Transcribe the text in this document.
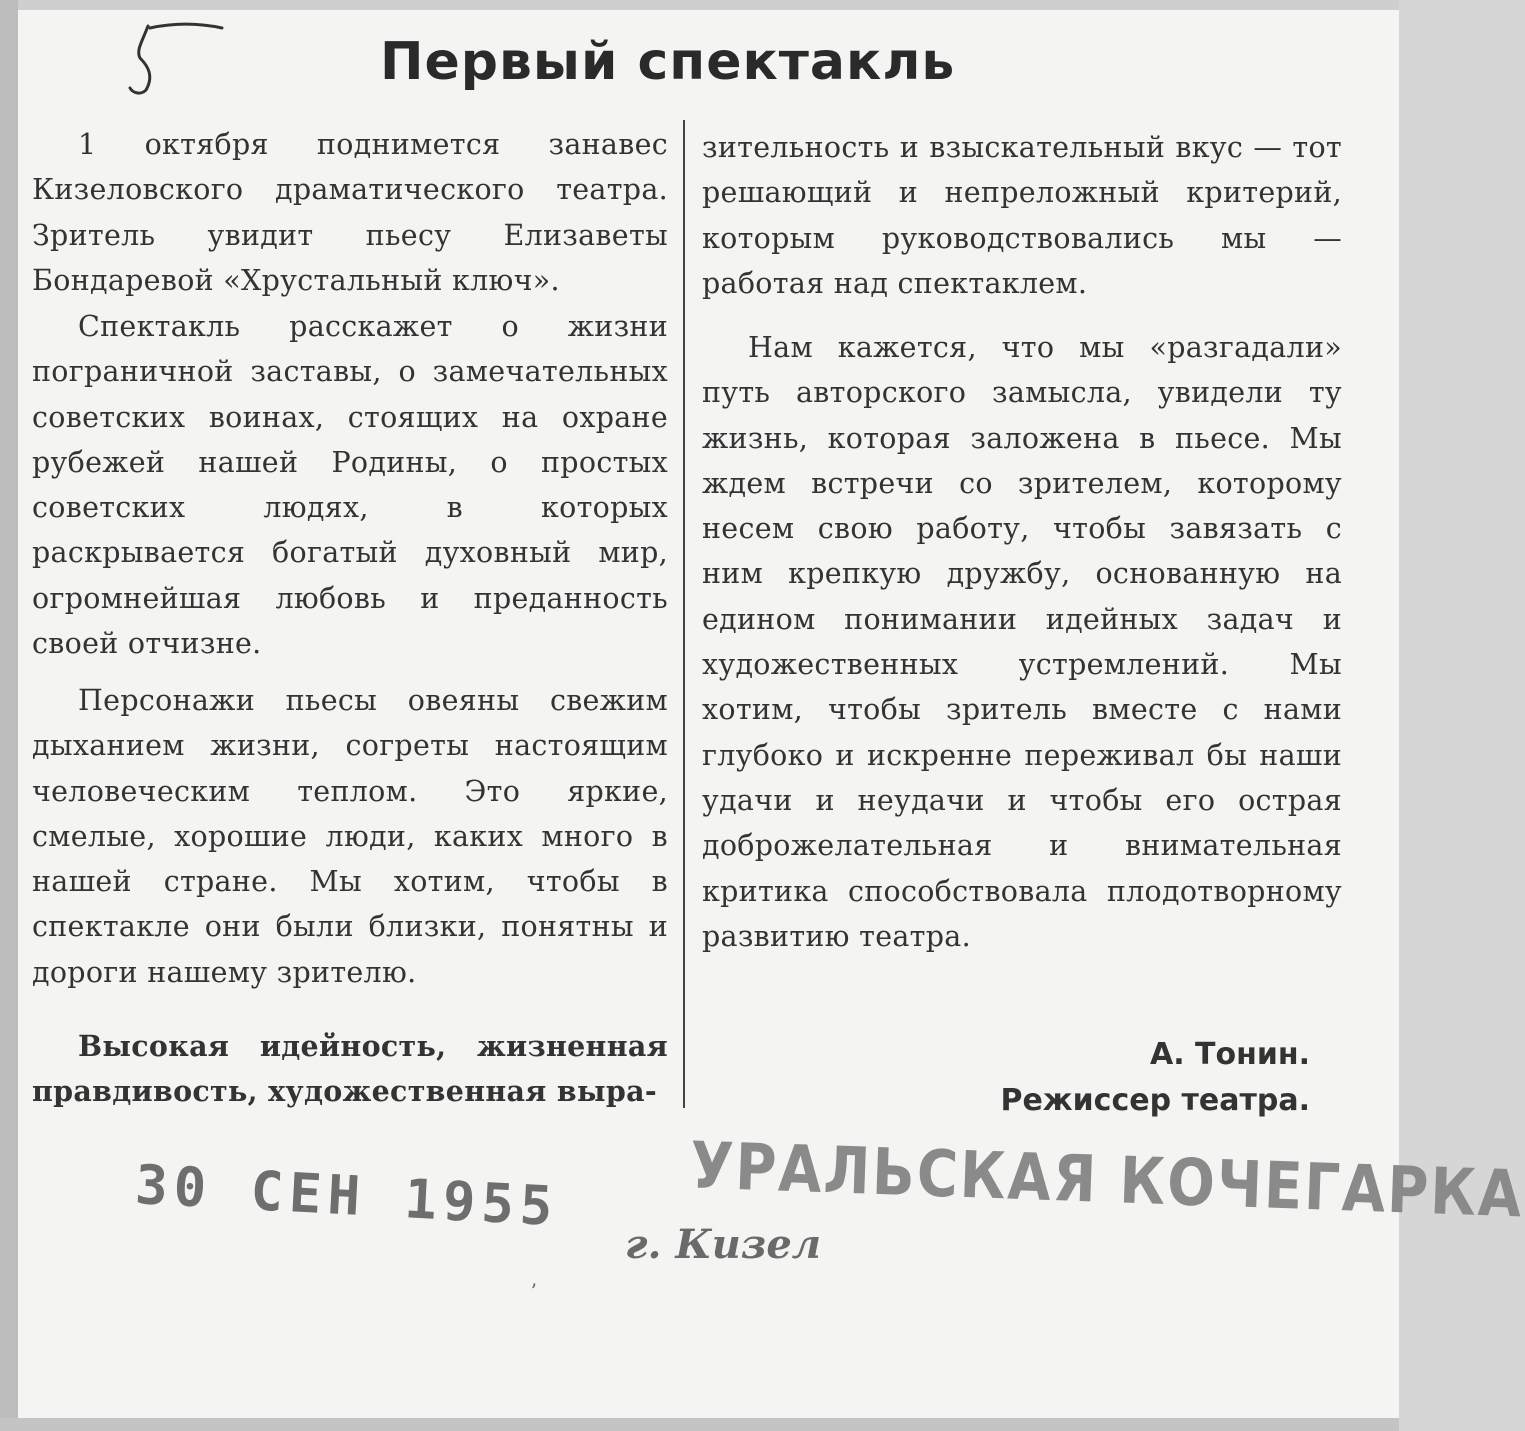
Первый спектакль

1 октября поднимется занавес Кизеловского драматического театра. Зритель увидит пьесу Елизаветы Бондаревой «Хрустальный ключ».

Спектакль расскажет о жизни пограничной заставы, о замечательных советских воинах, стоящих на охране рубежей нашей Родины, о простых советских людях, в которых раскрывается богатый духовный мир, огромнейшая любовь и преданность своей отчизне.

Персонажи пьесы овеяны свежим дыханием жизни, согреты настоящим человеческим теплом. Это яркие, смелые, хорошие люди, каких много в нашей стране. Мы хотим, чтобы в спектакле они были близки, понятны и дороги нашему зрителю.

Высокая идейность, жизненная правдивость, художественная выра-

зительность и взыскательный вкус — тот решающий и непреложный критерий, которым руководствовались мы — работая над спектаклем.

Нам кажется, что мы «разгадали» путь авторского замысла, увидели ту жизнь, которая заложена в пьесе. Мы ждем встречи со зрителем, которому несем свою работу, чтобы завязать с ним крепкую дружбу, основанную на едином понимании идейных задач и художественных устремлений. Мы хотим, чтобы зритель вместе с нами глубоко и искренне переживал бы наши удачи и неудачи и чтобы его острая доброжелательная и внимательная критика способствовала плодотворному развитию театра.

А. Тонин.
Режиссер театра.
30 СЕН 1955 УРАЛЬСКАЯ КОЧЕГАРКА
г. Кизел
ʼ
